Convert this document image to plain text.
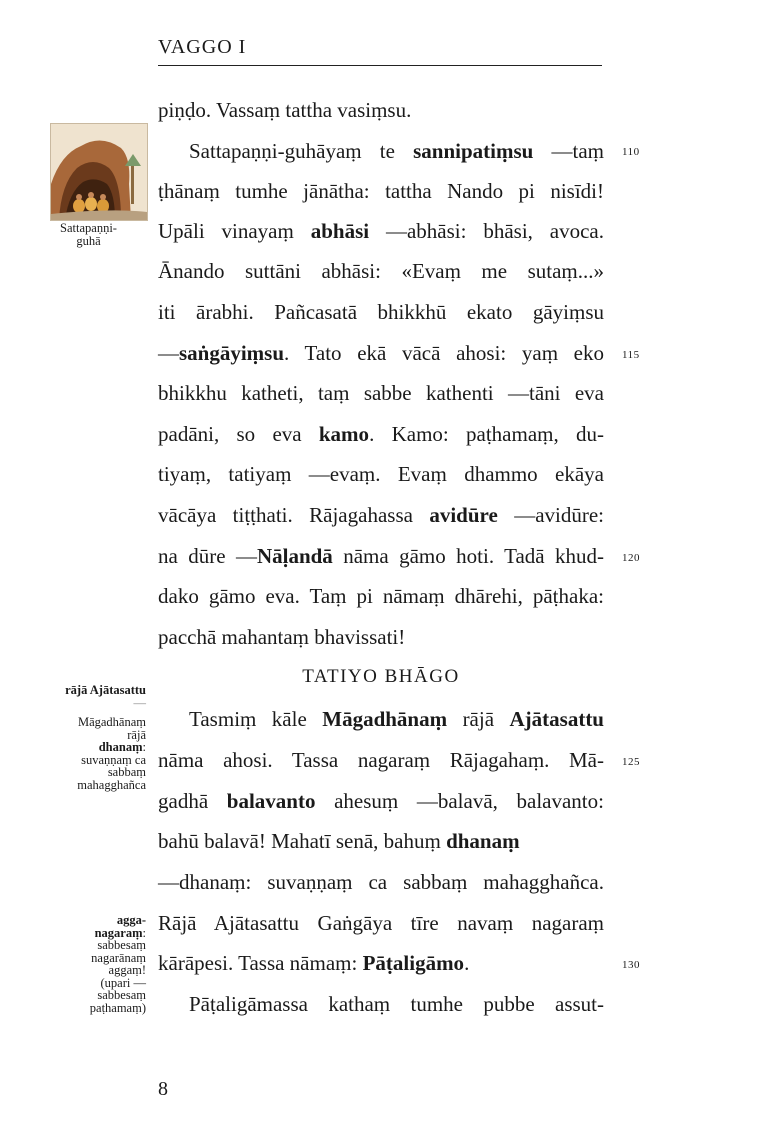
VAGGO I
piṇḍo. Vassaṃ tattha vasiṃsu.
Sattapaṇṇi-guhāyaṃ te sannipatiṃsu —taṃ
ṭhānaṃ tumhe jānātha: tattha Nando pi nisīdi!
Upāli vinayaṃ abhāsi —abhāsi: bhāsi, avoca.
Ānando suttāni abhāsi: «Evaṃ me sutaṃ...»
iti ārabhi. Pañcasatā bhikkhū ekato gāyiṃsu
—saṅgāyiṃsu. Tato ekā vācā ahosi: yaṃ eko
bhikkhu katheti, taṃ sabbe kathenti —tāni eva
padāni, so eva kamo. Kamo: paṭhamaṃ, du-
tiyaṃ, tatiyaṃ —evaṃ. Evaṃ dhammo ekāya
vācāya tiṭṭhati. Rājagahassa avidūre —avidūre:
na dūre —Nāḷandā nāma gāmo hoti. Tadā khud-
dako gāmo eva. Taṃ pi nāmaṃ dhārehi, pāṭhaka:
pacchā mahantaṃ bhavissati!
TATIYO BHĀGO
Tasmiṃ kāle Māgadhānaṃ rājā Ajātasattu
nāma ahosi. Tassa nagaraṃ Rājagahaṃ. Mā-
gadhā balavanto ahesuṃ —balavā, balavanto:
bahū balavā! Mahatī senā, bahuṃ dhanaṃ
—dhanaṃ: suvaṇṇaṃ ca sabbaṃ mahagghañca.
Rājā Ajātasattu Gaṅgāya tīre navaṃ nagaraṃ
kārāpesi. Tassa nāmaṃ: Pāṭaligāmo.
Pāṭaligāmassa kathaṃ tumhe pubbe assut-
110
115
120
125
130
Sattapaṇṇi-
guhā
rājā Ajātasattu
—
Māgadhānaṃ
rājā
dhanaṃ:
suvaṇṇaṃ ca
sabbaṃ
mahagghañca
agga-
nagaraṃ:
sabbesaṃ
nagarānaṃ
aggaṃ!
(upari —
sabbesaṃ
paṭhamaṃ)
8
